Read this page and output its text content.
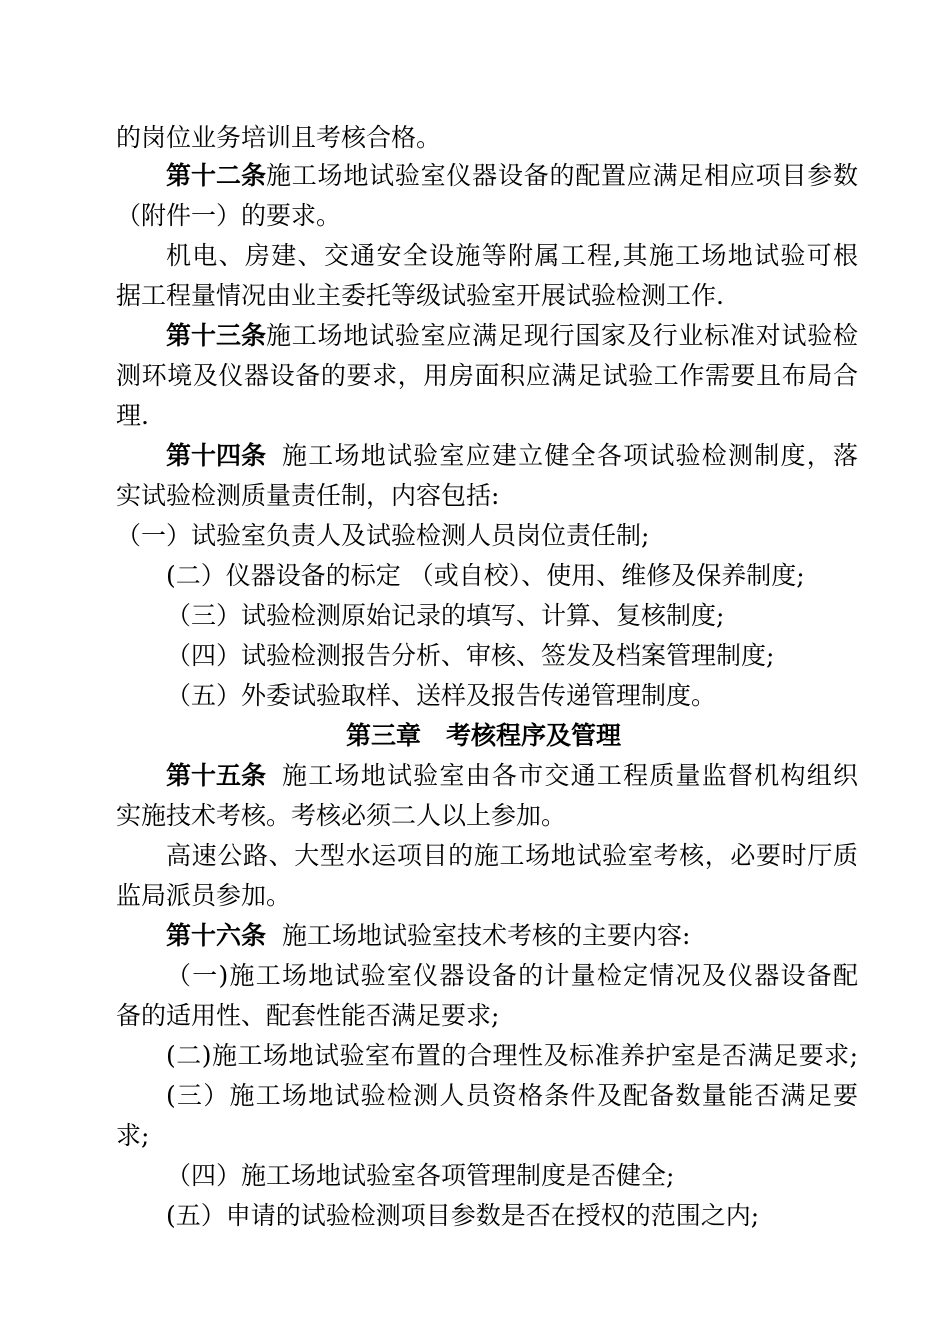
的岗位业务培训且考核合格。
第十二条 施工场地试验室仪器设备的配置应满足相应项目参数
（附件一）的要求。
机电、房建、交通安全设施等附属工程,其施工场地试验可根
据工程量情况由业主委托等级试验室开展试验检测工作.
第十三条 施工场地试验室应满足现行国家及行业标准对试验检
测环境及仪器设备的要求，用房面积应满足试验工作需要且布局合
理.
第十四条 施工场地试验室应建立健全各项试验检测制度，落
实试验检测质量责任制，内容包括:
（一）试验室负责人及试验检测人员岗位责任制;
(二）仪器设备的标定 （或自校）、使用、维修及保养制度;
（三）试验检测原始记录的填写、计算、复核制度;
（四）试验检测报告分析、审核、签发及档案管理制度;
（五）外委试验取样、送样及报告传递管理制度。
第三章　考核程序及管理
第十五条 施工场地试验室由各市交通工程质量监督机构组织
实施技术考核。考核必须二人以上参加。
高速公路、大型水运项目的施工场地试验室考核，必要时厅质
监局派员参加。
第十六条 施工场地试验室技术考核的主要内容:
（一)施工场地试验室仪器设备的计量检定情况及仪器设备配
备的适用性、配套性能否满足要求;
(二)施工场地试验室布置的合理性及标准养护室是否满足要求;
(三）施工场地试验检测人员资格条件及配备数量能否满足要
求;
（四）施工场地试验室各项管理制度是否健全;
(五）申请的试验检测项目参数是否在授权的范围之内;
